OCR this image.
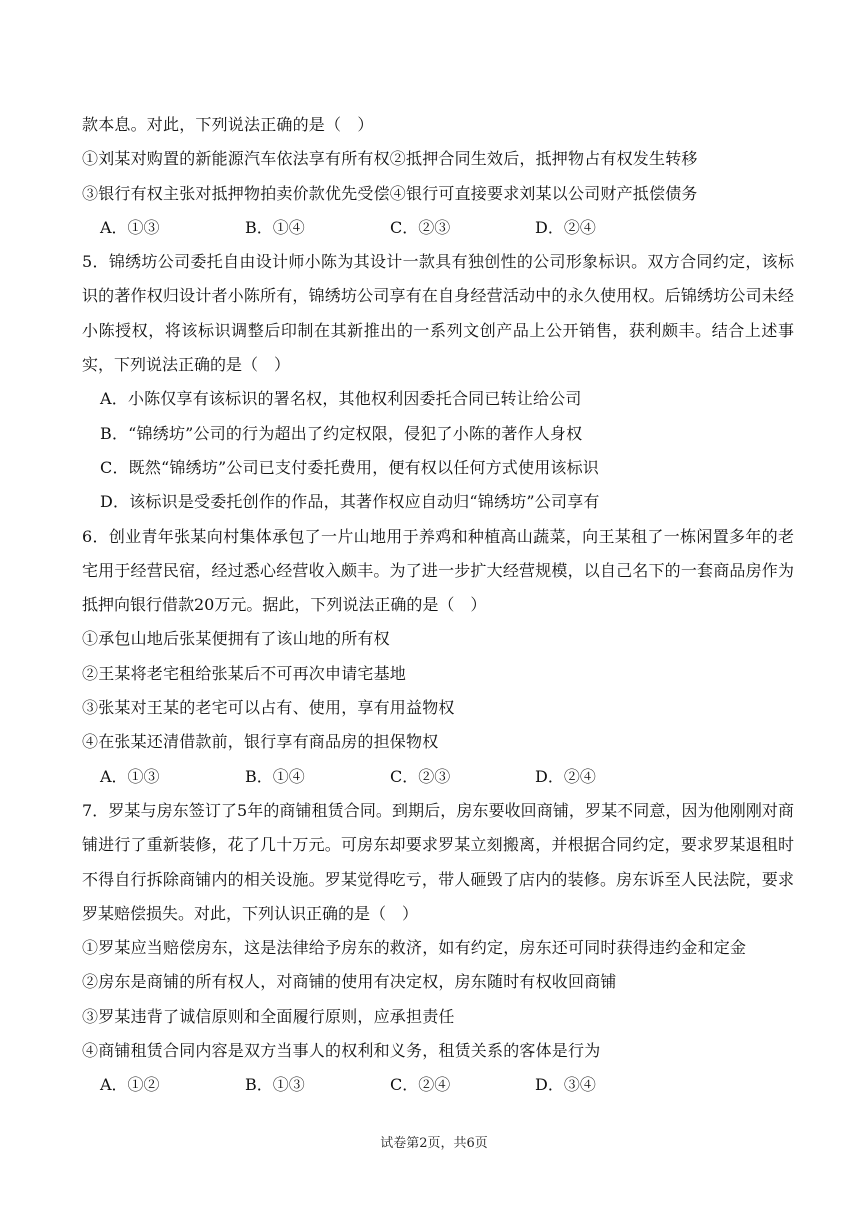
款本息。对此，下列说法正确的是（　）
①刘某对购置的新能源汽车依法享有所有权②抵押合同生效后，抵押物占有权发生转移
③银行有权主张对抵押物拍卖价款优先受偿④银行可直接要求刘某以公司财产抵偿债务
A．①③	B．①④	C．②③	D．②④
5．锦绣坊公司委托自由设计师小陈为其设计一款具有独创性的公司形象标识。双方合同约定，该标识的著作权归设计者小陈所有，锦绣坊公司享有在自身经营活动中的永久使用权。后锦绣坊公司未经小陈授权，将该标识调整后印制在其新推出的一系列文创产品上公开销售，获利颇丰。结合上述事实，下列说法正确的是（　）
A．小陈仅享有该标识的署名权，其他权利因委托合同已转让给公司
B．“锦绣坊”公司的行为超出了约定权限，侵犯了小陈的著作人身权
C．既然“锦绣坊”公司已支付委托费用，便有权以任何方式使用该标识
D．该标识是受委托创作的作品，其著作权应自动归“锦绣坊”公司享有
6．创业青年张某向村集体承包了一片山地用于养鸡和种植高山蔬菜，向王某租了一栋闲置多年的老宅用于经营民宿，经过悉心经营收入颇丰。为了进一步扩大经营规模，以自己名下的一套商品房作为抵押向银行借款20万元。据此，下列说法正确的是（　）
①承包山地后张某便拥有了该山地的所有权
②王某将老宅租给张某后不可再次申请宅基地
③张某对王某的老宅可以占有、使用，享有用益物权
④在张某还清借款前，银行享有商品房的担保物权
A．①③	B．①④	C．②③	D．②④
7．罗某与房东签订了5年的商铺租赁合同。到期后，房东要收回商铺，罗某不同意，因为他刚刚对商铺进行了重新装修，花了几十万元。可房东却要求罗某立刻搬离，并根据合同约定，要求罗某退租时不得自行拆除商铺内的相关设施。罗某觉得吃亏，带人砸毁了店内的装修。房东诉至人民法院，要求罗某赔偿损失。对此，下列认识正确的是（　）
①罗某应当赔偿房东，这是法律给予房东的救济，如有约定，房东还可同时获得违约金和定金
②房东是商铺的所有权人，对商铺的使用有决定权，房东随时有权收回商铺
③罗某违背了诚信原则和全面履行原则，应承担责任
④商铺租赁合同内容是双方当事人的权利和义务，租赁关系的客体是行为
A．①②	B．①③	C．②④	D．③④
试卷第2页，共6页
